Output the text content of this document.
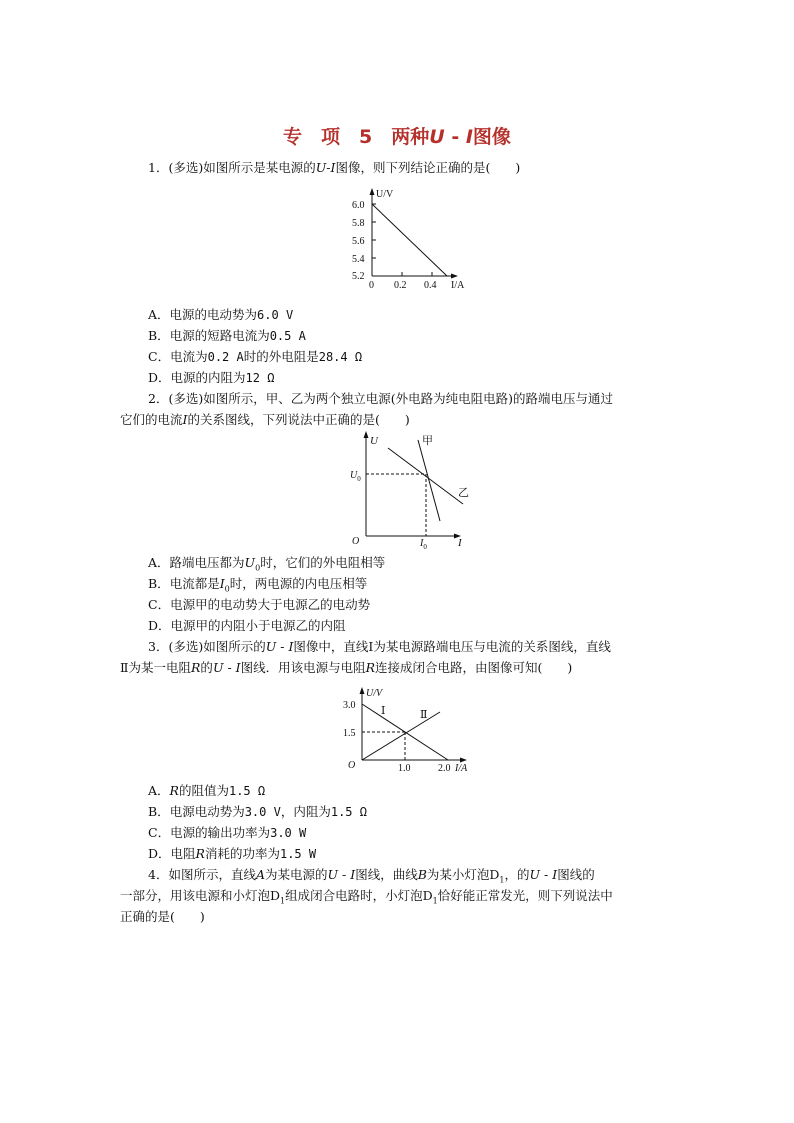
专　项　5　两种U - I图像
1．(多选)如图所示是某电源的U-I图像，则下列结论正确的是(　　)
U/V
6.0
5.8
5.6
5.4
5.2
0 0.2 0.4 I/A
A．电源的电动势为6.0 V
B．电源的短路电流为0.5 A
C．电流为0.2 A时的外电阻是28.4 Ω
D．电源的内阻为12 Ω
2．(多选)如图所示，甲、乙为两个独立电源(外电路为纯电阻电路)的路端电压与通过
它们的电流I的关系图线，下列说法中正确的是(　　)
U	甲
乙
$U_0$
O	$I_0$	I
A．路端电压都为$U_0$时，它们的外电阻相等
B．电流都是$I_0$时，两电源的内电压相等
C．电源甲的电动势大于电源乙的电动势
D．电源甲的内阻小于电源乙的内阻
3．(多选)如图所示的U - I图像中，直线Ⅰ为某电源路端电压与电流的关系图线，直线
Ⅱ为某一电阻R的U - I图线．用该电源与电阻R连接成闭合电路，由图像可知(　　)
U/V
3.0
1.5
O	1.0	2.0 I/A
Ⅰ	Ⅱ
A．R的阻值为1.5 Ω
B．电源电动势为3.0 V，内阻为1.5 Ω
C．电源的输出功率为3.0 W
D．电阻R消耗的功率为1.5 W
4．如图所示，直线A为某电源的U - I图线，曲线B为某小灯泡$D_1$，的U - I图线的
一部分，用该电源和小灯泡$D_1$组成闭合电路时，小灯泡$D_1$恰好能正常发光，则下列说法中
正确的是(　　)
